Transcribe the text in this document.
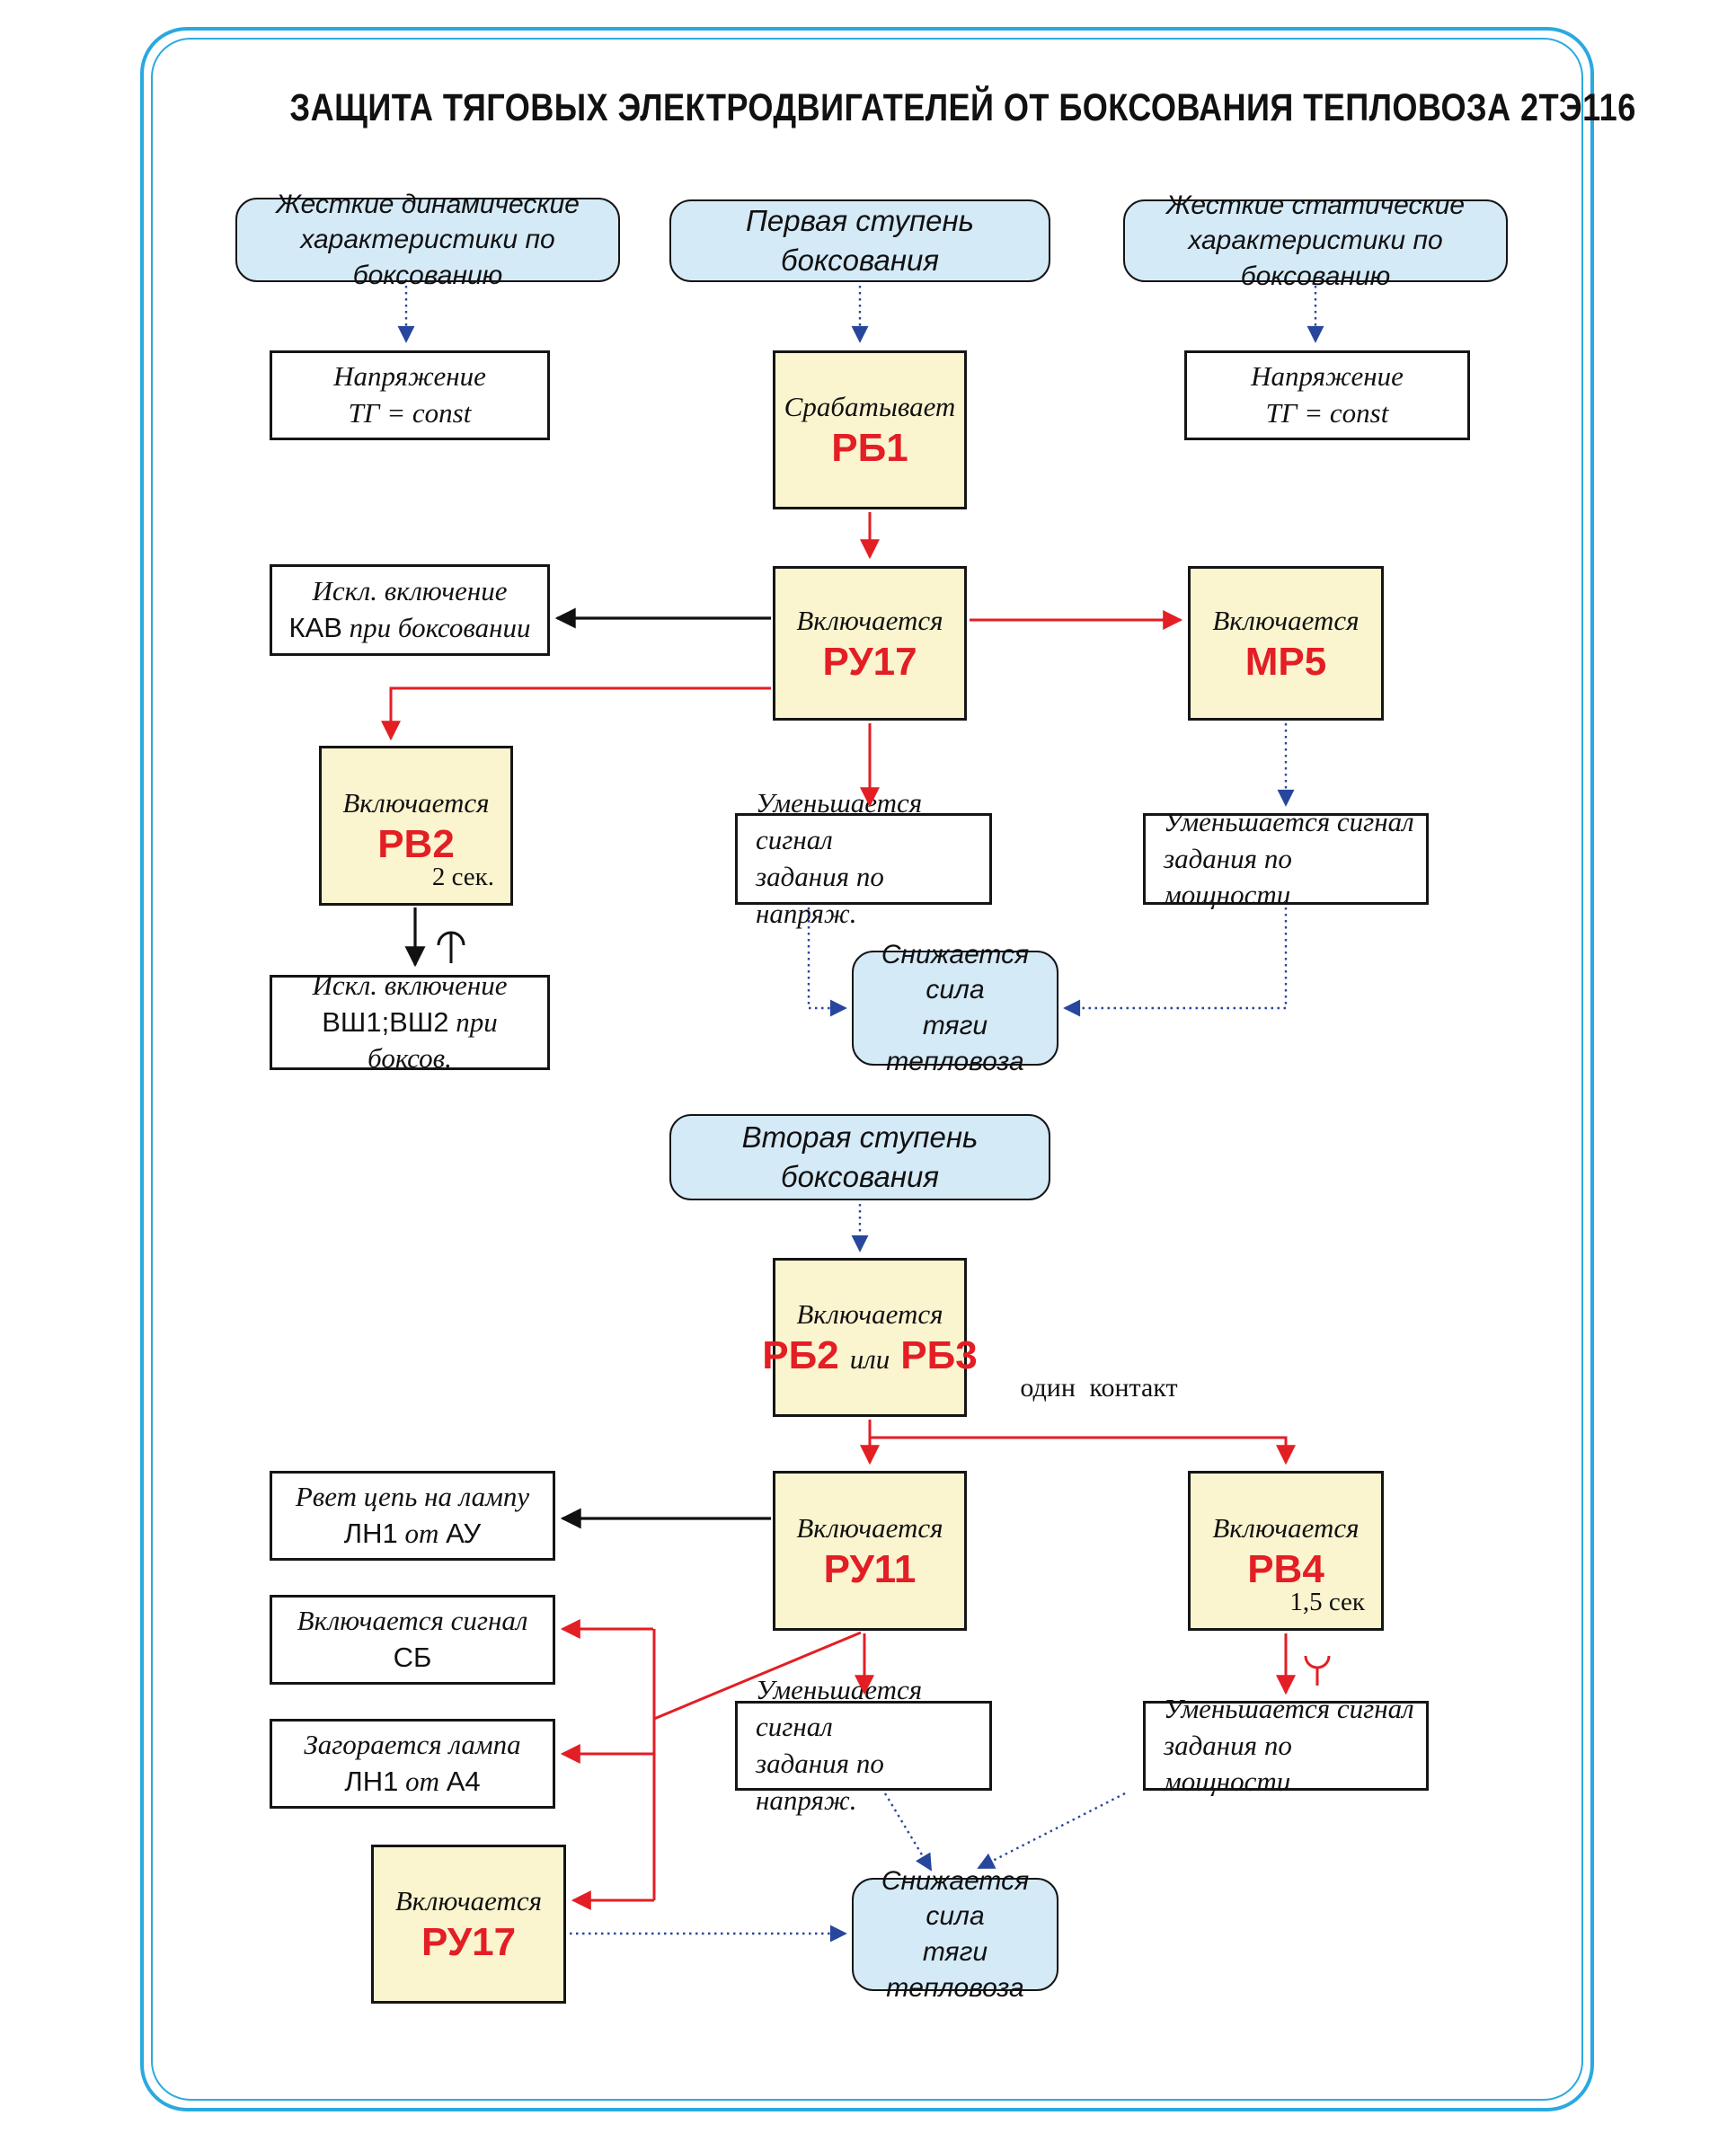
ЗАЩИТА ТЯГОВЫХ ЭЛЕКТРОДВИГАТЕЛЕЙ ОТ БОКСОВАНИЯ ТЕПЛОВОЗА 2ТЭ116
Жесткие динамические
характеристики по боксованию
Первая ступень боксования
Жесткие статические
характеристики по боксованию
Напряжение
ТГ = const	Срабатывает
РБ1
Напряжение
ТГ = const
Искл. включение
КАВ при боксовании	Включается
РУ17
Включается
МР5
Включается
РВ2
2 сек.
Искл. включение
ВШ1;ВШ2 при боксов.
Уменьшается сигнал
задания по напряж.
Уменьшается сигнал
задания по мощности
Снижается сила
тяги тепловоза
Вторая ступень боксования
Включается
РБ2 или РБ3
один контакт
Рвет цепь на лампу
ЛН1 от АУ	Включается
РУ11
Включается
РВ4
1,5 сек
Включается сигнал
СБ
Загорается лампа
ЛН1 от А4
Включается
РУ17
Уменьшается сигнал
задания по напряж.
Уменьшается сигнал
задания по мощности
Снижается сила
тяги тепловоза
